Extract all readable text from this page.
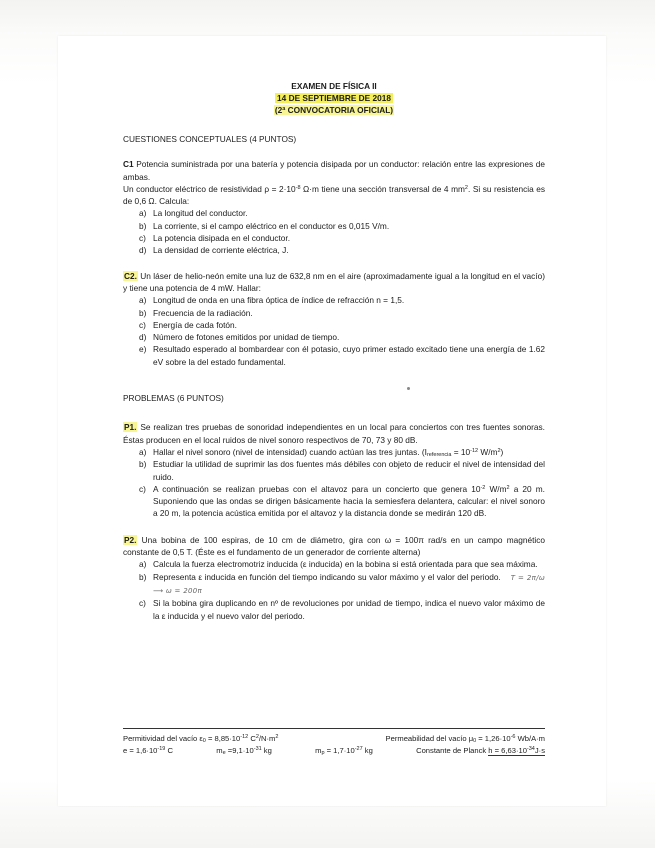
EXAMEN DE FÍSICA II
14 DE SEPTIEMBRE DE 2018
(2ª CONVOCATORIA OFICIAL)
CUESTIONES CONCEPTUALES (4 PUNTOS)

C1 Potencia suministrada por una batería y potencia disipada por un conductor: relación entre las expresiones de ambas.

Un conductor eléctrico de resistividad $\rho = 2\cdot 10^{-8}$ Ω·m tiene una sección transversal de 4 $mm^2$. Si su resistencia es de 0,6 Ω. Calcula:

a) La longitud del conductor.
b) La corriente, si el campo eléctrico en el conductor es 0,015 V/m.
c) La potencia disipada en el conductor.
d) La densidad de corriente eléctrica, J.

C2. Un láser de helio-neón emite una luz de 632,8 nm en el aire (aproximadamente igual a la longitud en el vacío) y tiene una potencia de 4 mW. Hallar:

a) Longitud de onda en una fibra óptica de índice de refracción n = 1,5.
b) Frecuencia de la radiación.
c) Energía de cada fotón.
d) Número de fotones emitidos por unidad de tiempo.
e) Resultado esperado al bombardear con él potasio, cuyo primer estado excitado tiene una energía de 1.62 eV sobre la del estado fundamental.
PROBLEMAS (6 PUNTOS)

P1. Se realizan tres pruebas de sonoridad independientes en un local para conciertos con tres fuentes sonoras. Éstas producen en el local ruidos de nivel sonoro respectivos de 70, 73 y 80 dB.

a) Hallar el nivel sonoro (nivel de intensidad) cuando actúan las tres juntas. ($I_{referencia} = 10^{-12}$ $W/m^2$)
b) Estudiar la utilidad de suprimir las dos fuentes más débiles con objeto de reducir el nivel de intensidad del ruido.
c) A continuación se realizan pruebas con el altavoz para un concierto que genera $10^{-2}$ $W/m^2$ a 20 m. Suponiendo que las ondas se dirigen básicamente hacia la semiesfera delantera, calcular: el nivel sonoro a 20 m, la potencia acústica emitida por el altavoz y la distancia donde se medirán 120 dB.

P2. Una bobina de 100 espiras, de 10 cm de diámetro, gira con ω = 100π rad/s en un campo magnético constante de 0,5 T. (Éste es el fundamento de un generador de corriente alterna)

a) Calcula la fuerza electromotriz inducida (ε inducida) en la bobina si está orientada para que sea máxima.
b) Representa ε inducida en función del tiempo indicando su valor máximo y el valor del periodo. T = 2π/ω ⟶ ω = 200π
c) Si la bobina gira duplicando en nº de revoluciones por unidad de tiempo, indica el nuevo valor máximo de la ε inducida y el nuevo valor del periodo.
Permitividad del vacío $\varepsilon_0 = 8,85\cdot 10^{-12}$ $C^2/N\cdot m^2$	Permeabilidad del vacío $\mu_0 = 1,26\cdot 10^{-6}$ Wb/A·m
$e = 1,6\cdot 10^{-19}$ C	$m_e =9,1\cdot 10^{-31}$ kg	$m_p = 1,7\cdot 10^{-27}$ kg	Constante de Planck $h = 6,63\cdot 10^{-34}J\cdot s$
